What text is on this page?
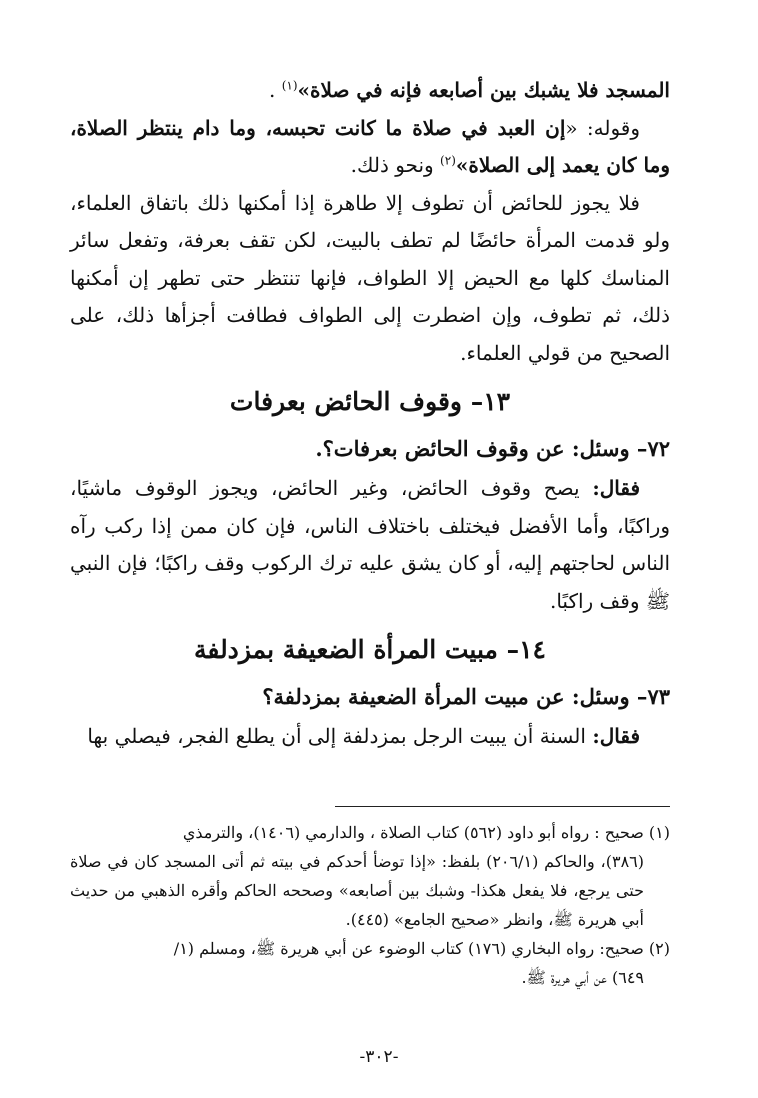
المسجد فلا يشبك بين أصابعه فإنه في صلاة»$^{(١)}$ .

وقوله: «إن العبد في صلاة ما كانت تحبسه، وما دام ينتظر الصلاة، وما كان يعمد إلى الصلاة»$^{(٢)}$ ونحو ذلك.

فلا يجوز للحائض أن تطوف إلا طاهرة إذا أمكنها ذلك باتفاق العلماء، ولو قدمت المرأة حائضًا لم تطف بالبيت، لكن تقف بعرفة، وتفعل سائر المناسك كلها مع الحيض إلا الطواف، فإنها تنتظر حتى تطهر إن أمكنها ذلك، ثم تطوف، وإن اضطرت إلى الطواف فطافت أجزأها ذلك، على الصحيح من قولي العلماء.

١٣– وقوف الحائض بعرفات
٧٢– وسئل: عن وقوف الحائض بعرفات؟.

فقال: يصح وقوف الحائض، وغير الحائض، ويجوز الوقوف ماشيًا، وراكبًا، وأما الأفضل فيختلف باختلاف الناس، فإن كان ممن إذا ركب رآه الناس لحاجتهم إليه، أو كان يشق عليه ترك الركوب وقف راكبًا؛ فإن النبي ﷺ وقف راكبًا.

١٤– مبيت المرأة الضعيفة بمزدلفة
٧٣– وسئل: عن مبيت المرأة الضعيفة بمزدلفة؟

فقال: السنة أن يبيت الرجل بمزدلفة إلى أن يطلع الفجر، فيصلي بها

(١) صحيح : رواه أبو داود (٥٦٢) كتاب الصلاة ، والدارمي (١٤٠٦)، والترمذي

(٣٨٦)، والحاكم (٢٠٦/١) بلفظ: «إذا توضأ أحدكم في بيته ثم أتى المسجد كان في صلاة حتى يرجع، فلا يفعل هكذا- وشبك بين أصابعه» وصححه الحاكم وأقره الذهبي من حديث أبي هريرة ﷺ، وانظر «صحيح الجامع» (٤٤٥).

(٢) صحيح: رواه البخاري (١٧٦) كتاب الوضوء عن أبي هريرة ﷺ، ومسلم (١/

٦٤٩) عن أبي هريرة ﷺ.

-٣٠٢-
